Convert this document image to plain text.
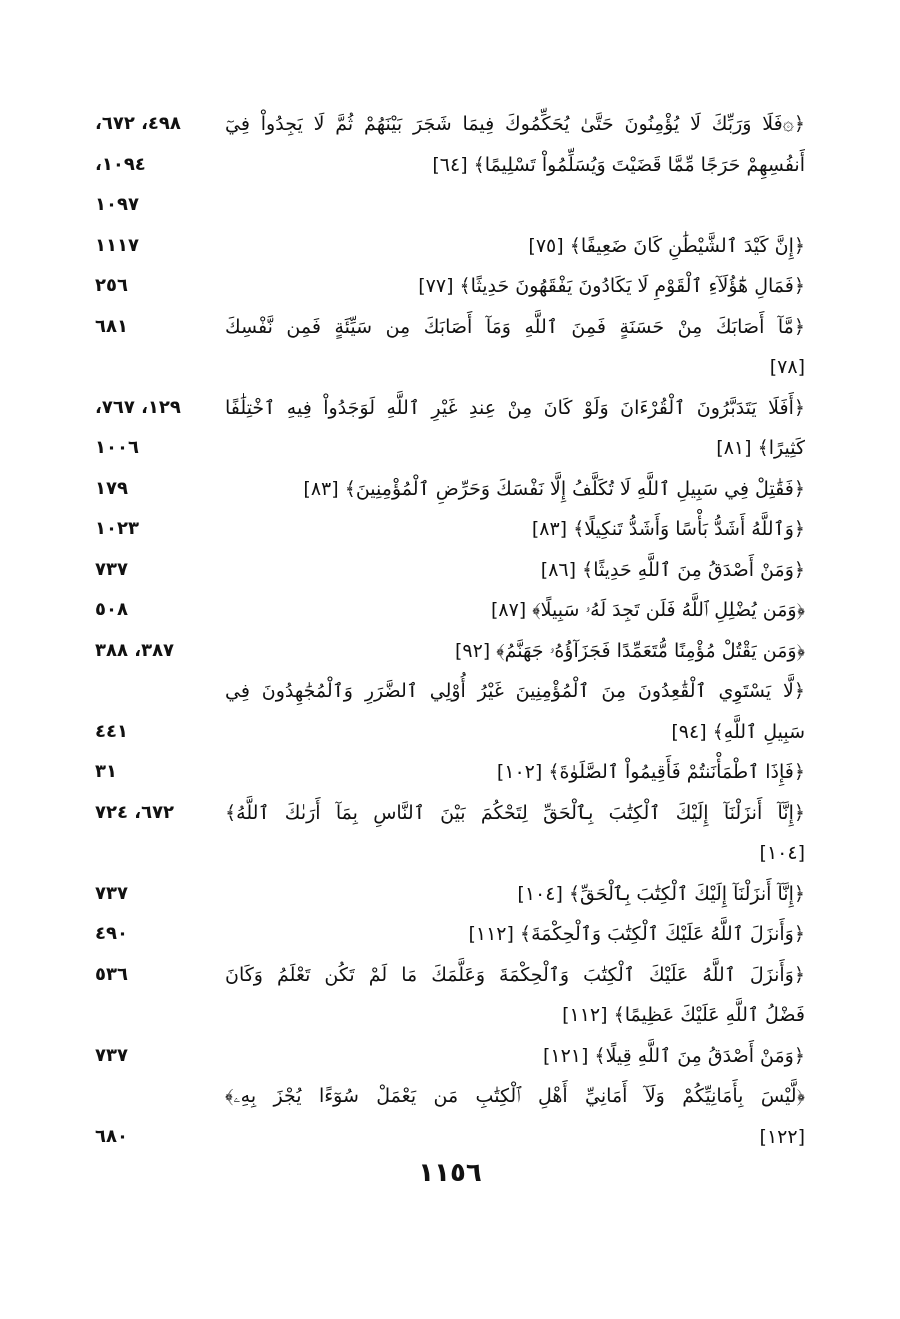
﴿۞فَلَا وَرَبِّكَ لَا يُؤْمِنُونَ حَتَّىٰ يُحَكِّمُوكَ فِيمَا شَجَرَ بَيْنَهُمْ ثُمَّ لَا يَجِدُواْ فِيٓ
٤٩٨، ٦٧٢،
أَنفُسِهِمْ حَرَجًا مِّمَّا قَضَيْتَ وَيُسَلِّمُواْ تَسْلِيمًا﴾ [٦٤]
١٠٩٤،
١٠٩٧
﴿إِنَّ كَيْدَ ٱلشَّيْطَٰنِ كَانَ ضَعِيفًا﴾ [٧٥]
١١١٧
﴿فَمَالِ هَٰٓؤُلَآءِ ٱلْقَوْمِ لَا يَكَادُونَ يَفْقَهُونَ حَدِيثًا﴾ [٧٧]
٢٥٦
﴿مَّآ أَصَابَكَ مِنْ حَسَنَةٍ فَمِنَ ٱللَّهِ وَمَآ أَصَابَكَ مِن سَيِّئَةٍ فَمِن نَّفْسِكَ
٦٨١
[٧٨]
﴿أَفَلَا يَتَدَبَّرُونَ ٱلْقُرْءَانَ وَلَوْ كَانَ مِنْ عِندِ غَيْرِ ٱللَّهِ لَوَجَدُواْ فِيهِ ٱخْتِلَٰفًا
١٢٩، ٧٦٧،
كَثِيرًا﴾ [٨١]
١٠٠٦
﴿فَقَٰتِلْ فِي سَبِيلِ ٱللَّهِ لَا تُكَلَّفُ إِلَّا نَفْسَكَ وَحَرِّضِ ٱلْمُؤْمِنِينَ﴾ [٨٣]
١٧٩
﴿وَٱللَّهُ أَشَدُّ بَأْسًا وَأَشَدُّ تَنكِيلًا﴾ [٨٣]
١٠٢٣
﴿وَمَنْ أَصْدَقُ مِنَ ٱللَّهِ حَدِيثًا﴾ [٨٦]
٧٣٧
﴿وَمَن يُضْلِلِ ٱللَّهُ فَلَن تَجِدَ لَهُۥ سَبِيلًا﴾ [٨٧]
٥٠٨
﴿وَمَن يَقْتُلْ مُؤْمِنًا مُّتَعَمِّدًا فَجَزَآؤُهُۥ جَهَنَّمُ﴾ [٩٢]
٣٨٧، ٣٨٨
﴿لَّا يَسْتَوِي ٱلْقَٰعِدُونَ مِنَ ٱلْمُؤْمِنِينَ غَيْرُ أُوْلِي ٱلضَّرَرِ وَٱلْمُجَٰهِدُونَ فِي
سَبِيلِ ٱللَّهِ﴾ [٩٤]
٤٤١
﴿فَإِذَا ٱطْمَأْنَنتُمْ فَأَقِيمُواْ ٱلصَّلَوٰةَ﴾ [١٠٢]
٣١
﴿إِنَّآ أَنزَلْنَآ إِلَيْكَ ٱلْكِتَٰبَ بِٱلْحَقِّ لِتَحْكُمَ بَيْنَ ٱلنَّاسِ بِمَآ أَرَىٰكَ ٱللَّهُ﴾
٦٧٢، ٧٢٤
[١٠٤]
﴿إِنَّآ أَنزَلْنَآ إِلَيْكَ ٱلْكِتَٰبَ بِٱلْحَقِّ﴾ [١٠٤]
٧٣٧
﴿وَأَنزَلَ ٱللَّهُ عَلَيْكَ ٱلْكِتَٰبَ وَٱلْحِكْمَةَ﴾ [١١٢]
٤٩٠
﴿وَأَنزَلَ ٱللَّهُ عَلَيْكَ ٱلْكِتَٰبَ وَٱلْحِكْمَةَ وَعَلَّمَكَ مَا لَمْ تَكُن تَعْلَمُ وَكَانَ
٥٣٦
فَضْلُ ٱللَّهِ عَلَيْكَ عَظِيمًا﴾ [١١٢]
﴿وَمَنْ أَصْدَقُ مِنَ ٱللَّهِ قِيلًا﴾ [١٢١]
٧٣٧
﴿لَّيْسَ بِأَمَانِيِّكُمْ وَلَآ أَمَانِيِّ أَهْلِ ٱلْكِتَٰبِ مَن يَعْمَلْ سُوٓءًا يُجْزَ بِهِۦ﴾
[١٢٢]
٦٨٠
١١٥٦
